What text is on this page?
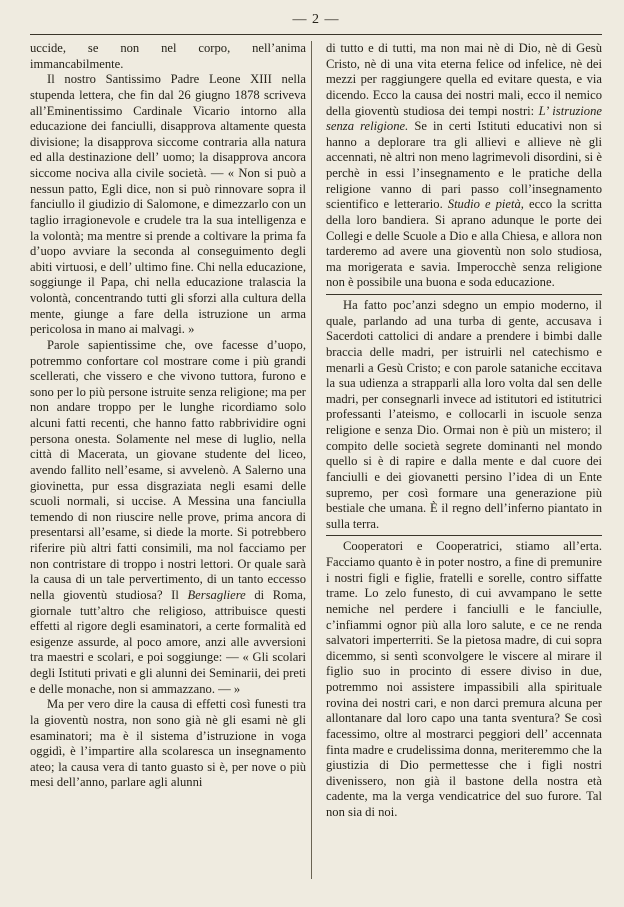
— 2 —

uccide, se non nel corpo, nell’anima immancabilmente.

Il nostro Santissimo Padre Leone XIII nella stupenda lettera, che fin dal 26 giugno 1878 scriveva all’Eminentissimo Cardinale Vicario intorno alla educazione dei fanciulli, disapprova altamente questa divisione; la disapprova siccome contraria alla natura ed alla destinazione dell’ uomo; la disapprova ancora siccome nociva alla civile società. — « Non si può a nessun patto, Egli dice, non si può rinnovare sopra il fanciullo il giudizio di Salomone, e dimezzarlo con un taglio irragionevole e crudele tra la sua intelligenza e la volontà; ma mentre si prende a coltivare la prima fa d’uopo avviare la seconda al conseguimento degli abiti virtuosi, e dell’ ultimo fine. Chi nella educazione, soggiunge il Papa, chi nella educazione tralascia la volontà, concentrando tutti gli sforzi alla cultura della mente, giunge a fare della istruzione un arma pericolosa in mano ai malvagi. »

Parole sapientissime che, ove facesse d’uopo, potremmo confortare col mostrare come i più grandi scellerati, che vissero e che vivono tuttora, furono e sono per lo più persone istruite senza religione; ma per non andare troppo per le lunghe ricordiamo solo alcuni fatti recenti, che hanno fatto rabbrividire ogni persona onesta. Solamente nel mese di luglio, nella città di Macerata, un giovane studente del liceo, avendo fallito nell’esame, si avvelenò. A Salerno una giovinetta, pur essa disgraziata negli esami delle scuoli normali, si uccise. A Messina una fanciulla temendo di non riuscire nelle prove, prima ancora di presentarsi all’esame, si diede la morte. Si potrebbero riferire più altri fatti consimili, ma nol facciamo per non contristare di troppo i nostri lettori. Or quale sarà la causa di un tale pervertimento, di un tanto eccesso nella gioventù studiosa? Il Bersagliere di Roma, giornale tutt’altro che religioso, attribuisce questi effetti al rigore degli esaminatori, a certe formalità ed esigenze assurde, al poco amore, anzi alle avversioni tra maestri e scolari, e poi soggiunge: — « Gli scolari degli Istituti privati e gli alunni dei Seminarii, dei preti e delle monache, non si ammazzano. — »

Ma per vero dire la causa di effetti così funesti tra la gioventù nostra, non sono già nè gli esami nè gli esaminatori; ma è il sistema d’istruzione in voga oggidì, è l’impartire alla scolaresca un insegnamento ateo; la causa vera di tanto guasto si è, per nove o più mesi dell’anno, parlare agli alunni

di tutto e di tutti, ma non mai nè di Dio, nè di Gesù Cristo, nè di una vita eterna felice od infelice, nè dei mezzi per raggiungere quella ed evitare questa, e via dicendo. Ecco la causa dei nostri mali, ecco il nemico della gioventù studiosa dei tempi nostri: L’ istruzione senza religione. Se in certi Istituti educativi non si hanno a deplorare tra gli allievi e allieve nè gli accennati, nè altri non meno lagrimevoli disordini, si è perchè in essi l’insegnamento e le pratiche della religione vanno di pari passo coll’insegnamento scientifico e letterario. Studio e pietà, ecco la scritta della loro bandiera. Si aprano adunque le porte dei Collegi e delle Scuole a Dio e alla Chiesa, e allora non tarderemo ad avere una gioventù non solo studiosa, ma morigerata e savia. Imperocchè senza religione non è possibile una buona e soda educazione.

Ha fatto poc’anzi sdegno un empio moderno, il quale, parlando ad una turba di gente, accusava i Sacerdoti cattolici di andare a prendere i bimbi dalle braccia delle madri, per istruirli nel catechismo e menarli a Gesù Cristo; e con parole sataniche eccitava la sua udienza a strapparli alla loro volta dal sen delle madri, per consegnarli invece ad istitutori ed istitutrici professanti l’ateismo, e collocarli in iscuole senza religione e senza Dio. Ormai non è più un mistero; il compito delle società segrete dominanti nel mondo quello si è di rapire e dalla mente e dal cuore dei fanciulli e dei giovanetti persino l’idea di un Ente supremo, per così formare una generazione più bestiale che umana. È il regno dell’inferno piantato in sulla terra.

Cooperatori e Cooperatrici, stiamo all’erta. Facciamo quanto è in poter nostro, a fine di premunire i nostri figli e figlie, fratelli e sorelle, contro siffatte trame. Lo zelo funesto, di cui avvampano le sette nemiche nel perdere i fanciulli e le fanciulle, c’infiammi ognor più alla loro salute, e ce ne renda salvatori imperterriti. Se la pietosa madre, di cui sopra dicemmo, si sentì sconvolgere le viscere al mirare il figlio suo in procinto di essere diviso in due, potremmo noi assistere impassibili alla spirituale rovina dei nostri cari, e non darci premura alcuna per allontanare dal loro capo una tanta sventura? Se così facessimo, oltre al mostrarci peggiori dell’ accennata finta madre e crudelissima donna, meriteremmo che la giustizia di Dio permettesse che i figli nostri divenissero, non già il bastone della nostra età cadente, ma la verga vendicatrice del suo furore. Tal non sia di noi.
